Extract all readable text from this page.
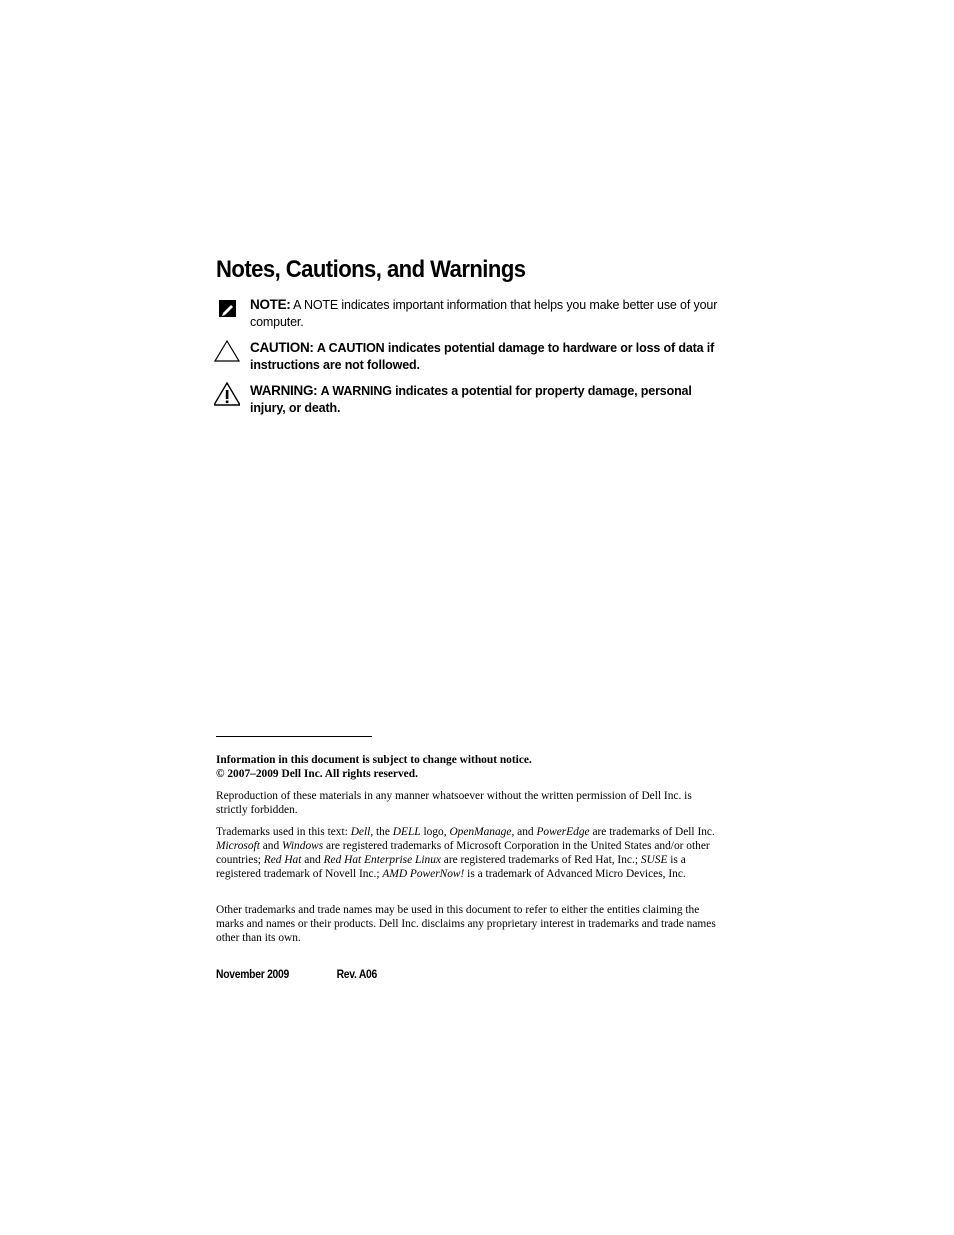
Notes, Cautions, and Warnings
NOTE: A NOTE indicates important information that helps you make better use of your computer.
CAUTION: A CAUTION indicates potential damage to hardware or loss of data if instructions are not followed.
WARNING: A WARNING indicates a potential for property damage, personal injury, or death.

Information in this document is subject to change without notice.

© 2007–2009 Dell Inc. All rights reserved.

Reproduction of these materials in any manner whatsoever without the written permission of Dell Inc. is strictly forbidden.

Trademarks used in this text: Dell, the DELL logo, OpenManage, and PowerEdge are trademarks of Dell Inc. Microsoft and Windows are registered trademarks of Microsoft Corporation in the United States and/or other countries; Red Hat and Red Hat Enterprise Linux are registered trademarks of Red Hat, Inc.; SUSE is a registered trademark of Novell Inc.; AMD PowerNow! is a trademark of Advanced Micro Devices, Inc.

Other trademarks and trade names may be used in this document to refer to either the entities claiming the marks and names or their products. Dell Inc. disclaims any proprietary interest in trademarks and trade names other than its own.

November 2009	Rev. A06
